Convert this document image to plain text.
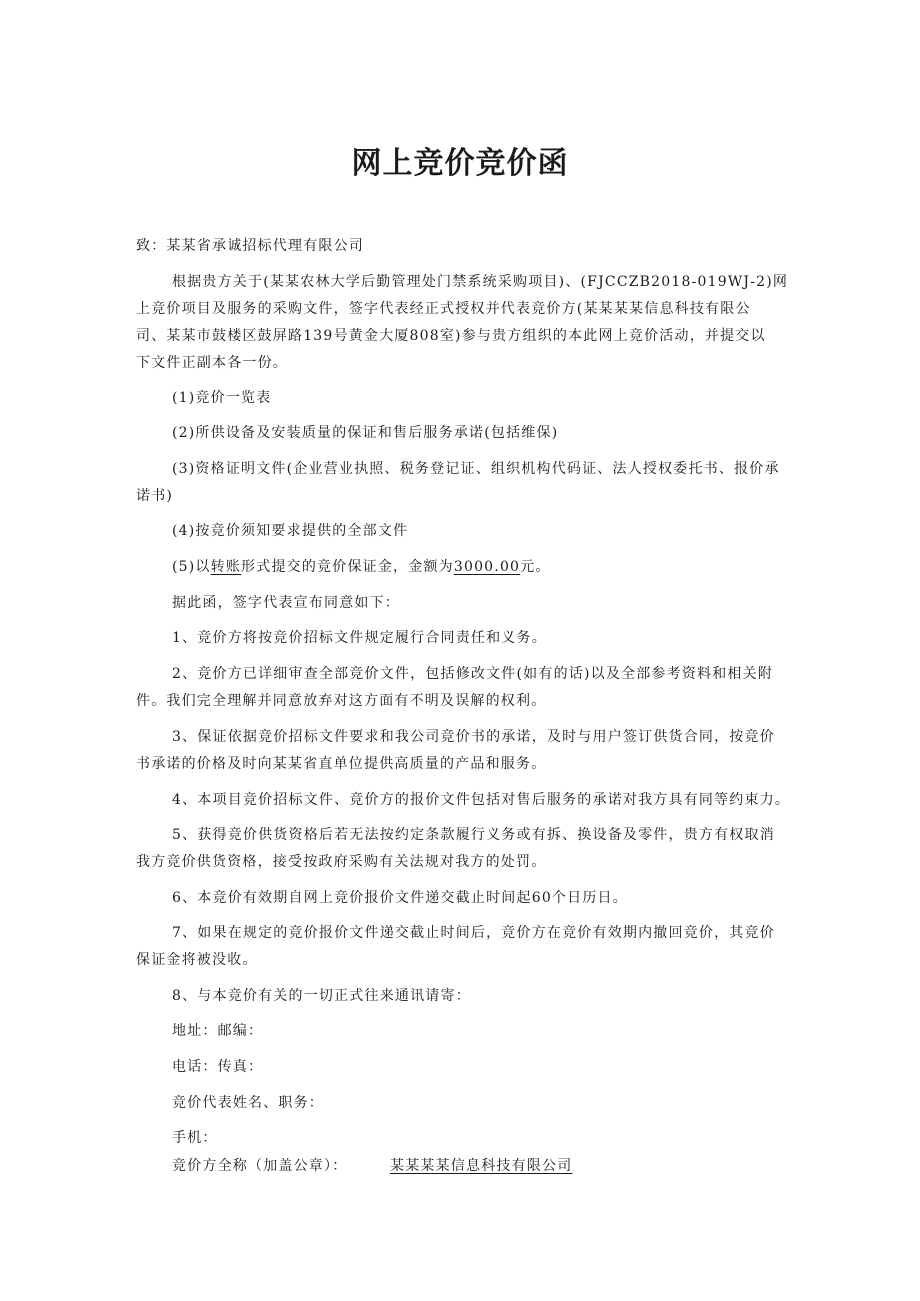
网上竞价竞价函
致：某某省承诚招标代理有限公司
根据贵方关于(某某农林大学后勤管理处门禁系统采购项目)、(FJCCZB2018-019WJ-2)网
上竞价项目及服务的采购文件，签字代表经正式授权并代表竞价方(某某某某信息科技有限公
司、某某市鼓楼区鼓屏路139号黄金大厦808室)参与贵方组织的本此网上竞价活动，并提交以
下文件正副本各一份。
(1)竞价一览表
(2)所供设备及安装质量的保证和售后服务承诺(包括维保)
(3)资格证明文件(企业营业执照、税务登记证、组织机构代码证、法人授权委托书、报价承
诺书)
(4)按竞价须知要求提供的全部文件
(5)以转账形式提交的竞价保证金，金额为3000.00元。
据此函，签字代表宣布同意如下：
1、竞价方将按竞价招标文件规定履行合同责任和义务。
2、竞价方已详细审查全部竞价文件，包括修改文件(如有的话)以及全部参考资料和相关附
件。我们完全理解并同意放弃对这方面有不明及误解的权利。
3、保证依据竞价招标文件要求和我公司竞价书的承诺，及时与用户签订供货合同，按竞价
书承诺的价格及时向某某省直单位提供高质量的产品和服务。
4、本项目竞价招标文件、竞价方的报价文件包括对售后服务的承诺对我方具有同等约束力。
5、获得竞价供货资格后若无法按约定条款履行义务或有拆、换设备及零件，贵方有权取消
我方竞价供货资格，接受按政府采购有关法规对我方的处罚。
6、本竞价有效期自网上竞价报价文件递交截止时间起60个日历日。
7、如果在规定的竞价报价文件递交截止时间后，竞价方在竞价有效期内撤回竞价，其竞价
保证金将被没收。
8、与本竞价有关的一切正式往来通讯请寄：
地址：邮编：
电话：传真：
竞价代表姓名、职务：
手机：
竞价方全称（加盖公章）：	某某某某信息科技有限公司
